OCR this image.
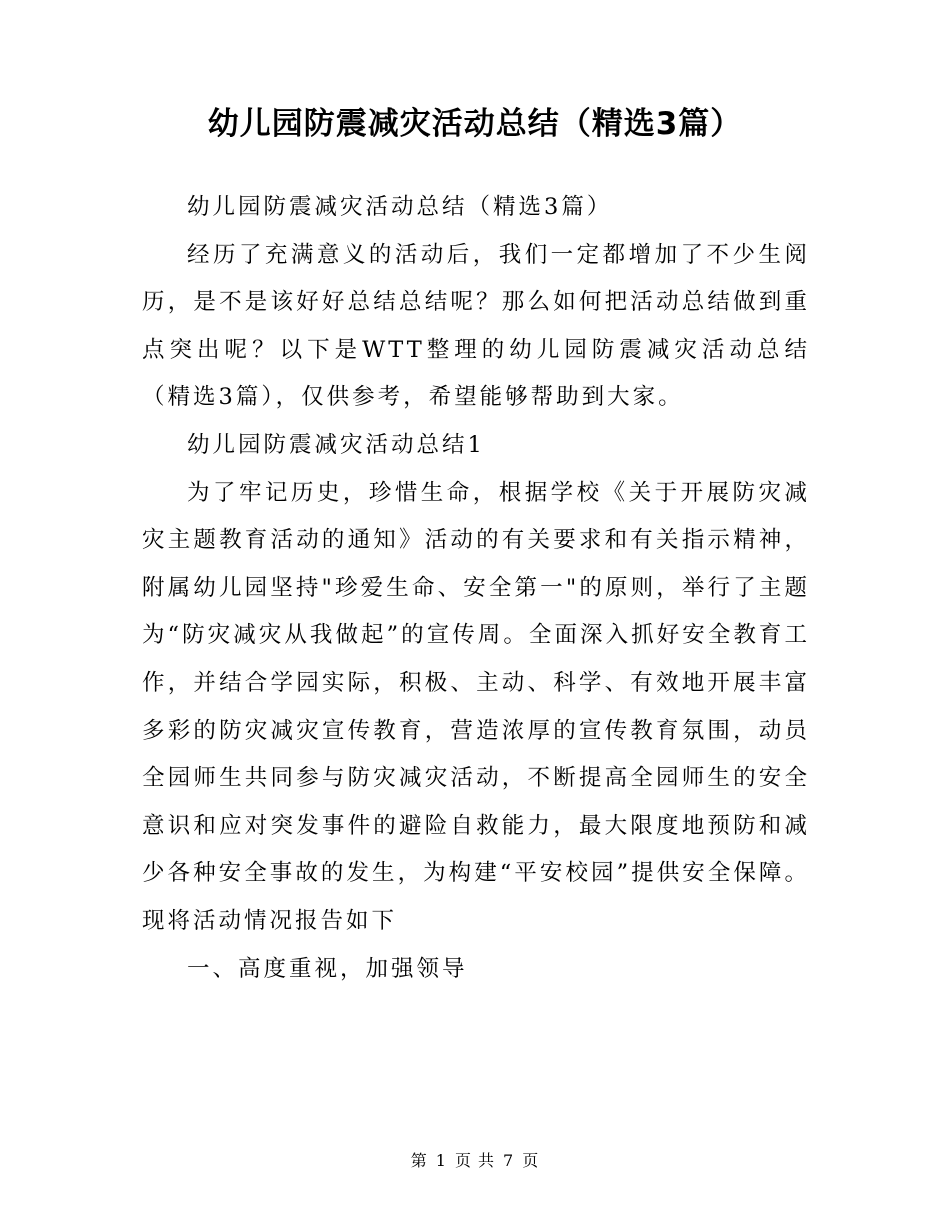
幼儿园防震减灾活动总结（精选3篇）

幼儿园防震减灾活动总结（精选3篇）

经历了充满意义的活动后，我们一定都增加了不少生阅历，是不是该好好总结总结呢？那么如何把活动总结做到重点突出呢？以下是WTT整理的幼儿园防震减灾活动总结（精选3篇），仅供参考，希望能够帮助到大家。

幼儿园防震减灾活动总结1

为了牢记历史，珍惜生命，根据学校《关于开展防灾减灾主题教育活动的通知》活动的有关要求和有关指示精神，附属幼儿园坚持"珍爱生命、安全第一"的原则，举行了主题为“防灾减灾从我做起”的宣传周。全面深入抓好安全教育工作，并结合学园实际，积极、主动、科学、有效地开展丰富多彩的防灾减灾宣传教育，营造浓厚的宣传教育氛围，动员全园师生共同参与防灾减灾活动，不断提高全园师生的安全意识和应对突发事件的避险自救能力，最大限度地预防和减少各种安全事故的发生，为构建“平安校园”提供安全保障。现将活动情况报告如下

一、高度重视，加强领导

第 1 页 共 7 页
